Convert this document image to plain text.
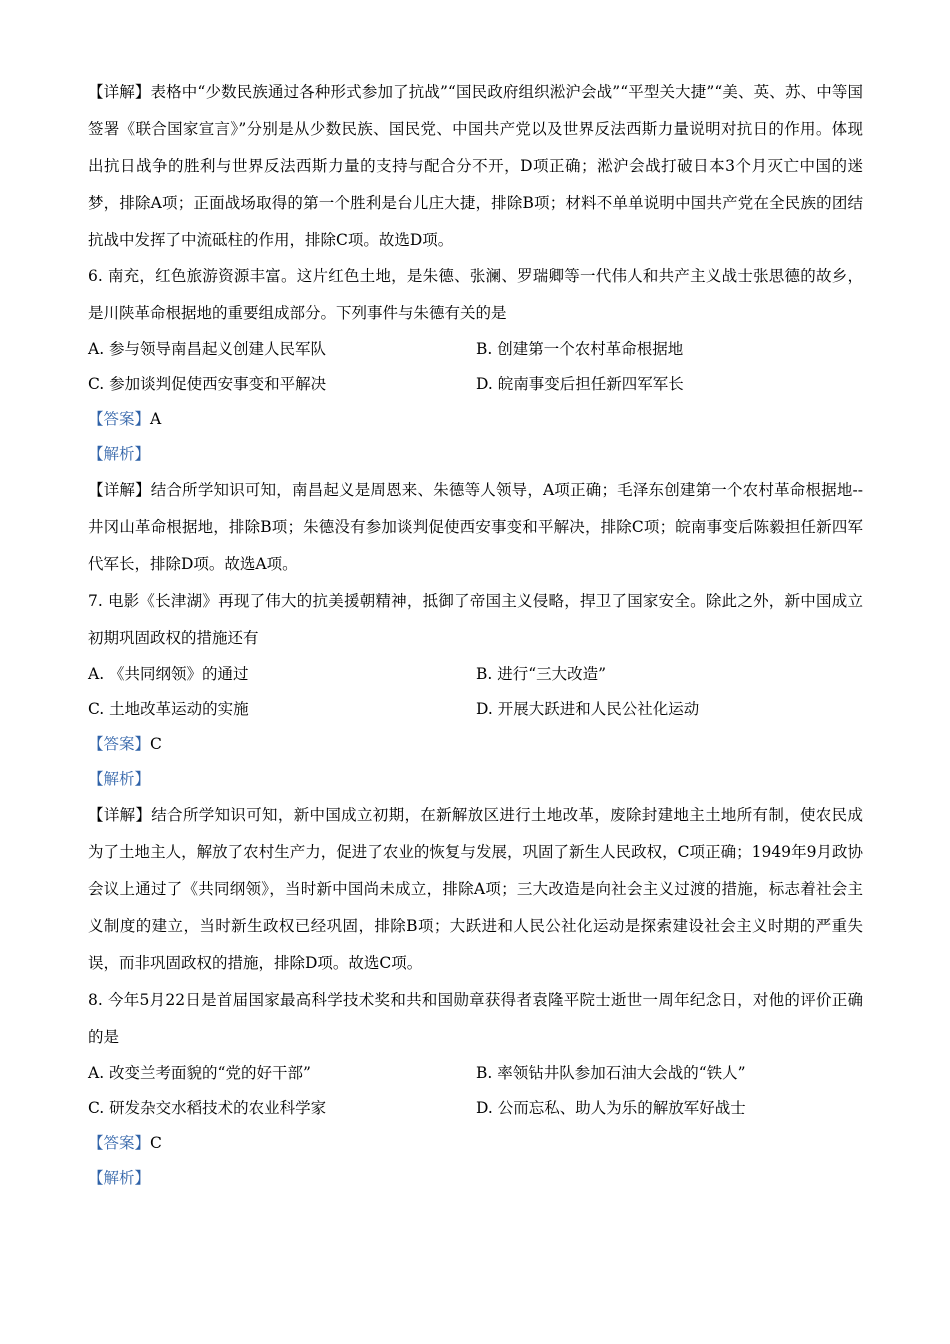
【详解】表格中“少数民族通过各种形式参加了抗战”“国民政府组织淞沪会战”“平型关大捷”“美、英、苏、中等国签署《联合国家宣言》”分别是从少数民族、国民党、中国共产党以及世界反法西斯力量说明对抗日的作用。体现出抗日战争的胜利与世界反法西斯力量的支持与配合分不开，D项正确；淞沪会战打破日本3个月灭亡中国的迷梦，排除A项；正面战场取得的第一个胜利是台儿庄大捷，排除B项；材料不单单说明中国共产党在全民族的团结抗战中发挥了中流砥柱的作用，排除C项。故选D项。

6. 南充，红色旅游资源丰富。这片红色土地，是朱德、张澜、罗瑞卿等一代伟人和共产主义战士张思德的故乡，是川陕革命根据地的重要组成部分。下列事件与朱德有关的是

A. 参与领导南昌起义创建人民军队	B. 创建第一个农村革命根据地
C. 参加谈判促使西安事变和平解决	D. 皖南事变后担任新四军军长

【答案】A

【解析】

【详解】结合所学知识可知，南昌起义是周恩来、朱德等人领导，A项正确；毛泽东创建第一个农村革命根据地--井冈山革命根据地，排除B项；朱德没有参加谈判促使西安事变和平解决，排除C项；皖南事变后陈毅担任新四军代军长，排除D项。故选A项。

7. 电影《长津湖》再现了伟大的抗美援朝精神，抵御了帝国主义侵略，捍卫了国家安全。除此之外，新中国成立初期巩固政权的措施还有

A. 《共同纲领》的通过	B. 进行“三大改造”
C. 土地改革运动的实施	D. 开展大跃进和人民公社化运动

【答案】C

【解析】

【详解】结合所学知识可知，新中国成立初期，在新解放区进行土地改革，废除封建地主土地所有制，使农民成为了土地主人，解放了农村生产力，促进了农业的恢复与发展，巩固了新生人民政权，C项正确；1949年9月政协会议上通过了《共同纲领》，当时新中国尚未成立，排除A项；三大改造是向社会主义过渡的措施，标志着社会主义制度的建立，当时新生政权已经巩固，排除B项；大跃进和人民公社化运动是探索建设社会主义时期的严重失误，而非巩固政权的措施，排除D项。故选C项。

8. 今年5月22日是首届国家最高科学技术奖和共和国勋章获得者袁隆平院士逝世一周年纪念日，对他的评价正确的是

A. 改变兰考面貌的“党的好干部”	B. 率领钻井队参加石油大会战的“铁人”
C. 研发杂交水稻技术的农业科学家	D. 公而忘私、助人为乐的解放军好战士

【答案】C

【解析】
